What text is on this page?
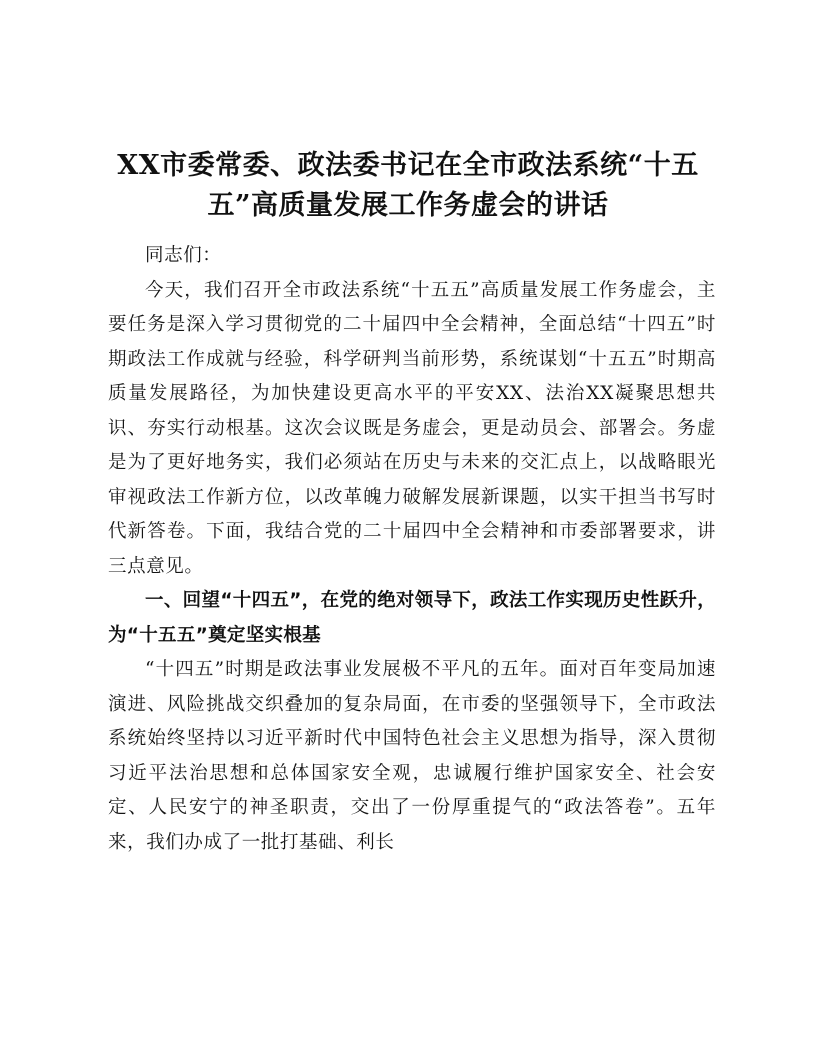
XX市委常委、政法委书记在全市政法系统“十五五”高质量发展工作务虚会的讲话

同志们：

今天，我们召开全市政法系统“十五五”高质量发展工作务虚会，主要任务是深入学习贯彻党的二十届四中全会精神，全面总结“十四五”时期政法工作成就与经验，科学研判当前形势，系统谋划“十五五”时期高质量发展路径，为加快建设更高水平的平安XX、法治XX凝聚思想共识、夯实行动根基。这次会议既是务虚会，更是动员会、部署会。务虚是为了更好地务实，我们必须站在历史与未来的交汇点上，以战略眼光审视政法工作新方位，以改革魄力破解发展新课题，以实干担当书写时代新答卷。下面，我结合党的二十届四中全会精神和市委部署要求，讲三点意见。

一、回望“十四五”，在党的绝对领导下，政法工作实现历史性跃升，为“十五五”奠定坚实根基

“十四五”时期是政法事业发展极不平凡的五年。面对百年变局加速演进、风险挑战交织叠加的复杂局面，在市委的坚强领导下，全市政法系统始终坚持以习近平新时代中国特色社会主义思想为指导，深入贯彻习近平法治思想和总体国家安全观，忠诚履行维护国家安全、社会安定、人民安宁的神圣职责，交出了一份厚重提气的“政法答卷”。五年来，我们办成了一批打基础、利长
